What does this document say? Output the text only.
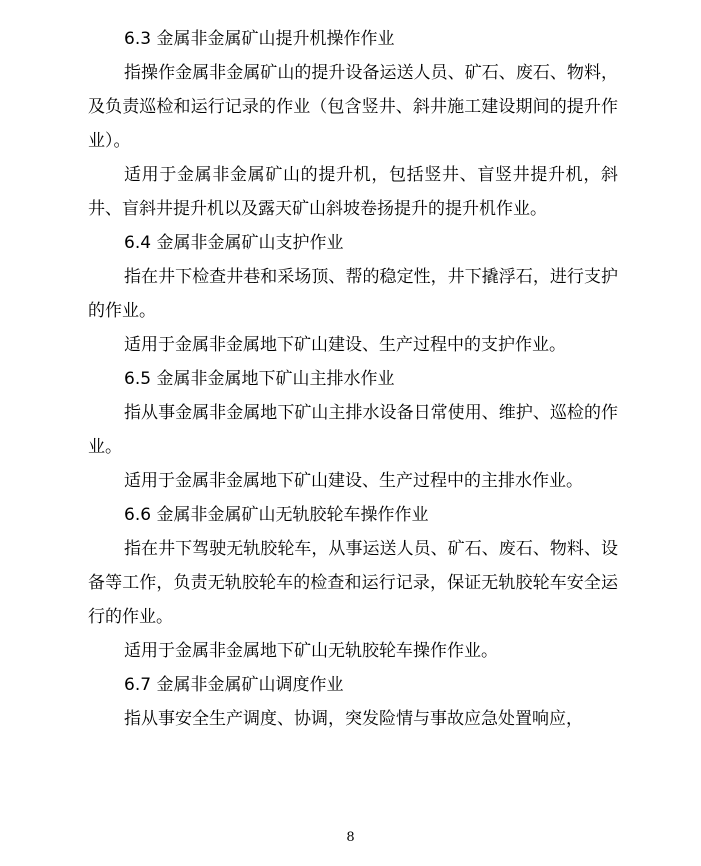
6.3 金属非金属矿山提升机操作作业

指操作金属非金属矿山的提升设备运送人员、矿石、废石、物料，及负责巡检和运行记录的作业（包含竖井、斜井施工建设期间的提升作业）。

适用于金属非金属矿山的提升机，包括竖井、盲竖井提升机，斜井、盲斜井提升机以及露天矿山斜坡卷扬提升的提升机作业。

6.4 金属非金属矿山支护作业

指在井下检查井巷和采场顶、帮的稳定性，井下撬浮石，进行支护的作业。

适用于金属非金属地下矿山建设、生产过程中的支护作业。

6.5 金属非金属地下矿山主排水作业

指从事金属非金属地下矿山主排水设备日常使用、维护、巡检的作业。

适用于金属非金属地下矿山建设、生产过程中的主排水作业。

6.6 金属非金属矿山无轨胶轮车操作作业

指在井下驾驶无轨胶轮车，从事运送人员、矿石、废石、物料、设备等工作，负责无轨胶轮车的检查和运行记录，保证无轨胶轮车安全运行的作业。

适用于金属非金属地下矿山无轨胶轮车操作作业。

6.7 金属非金属矿山调度作业

指从事安全生产调度、协调，突发险情与事故应急处置响应，

8
